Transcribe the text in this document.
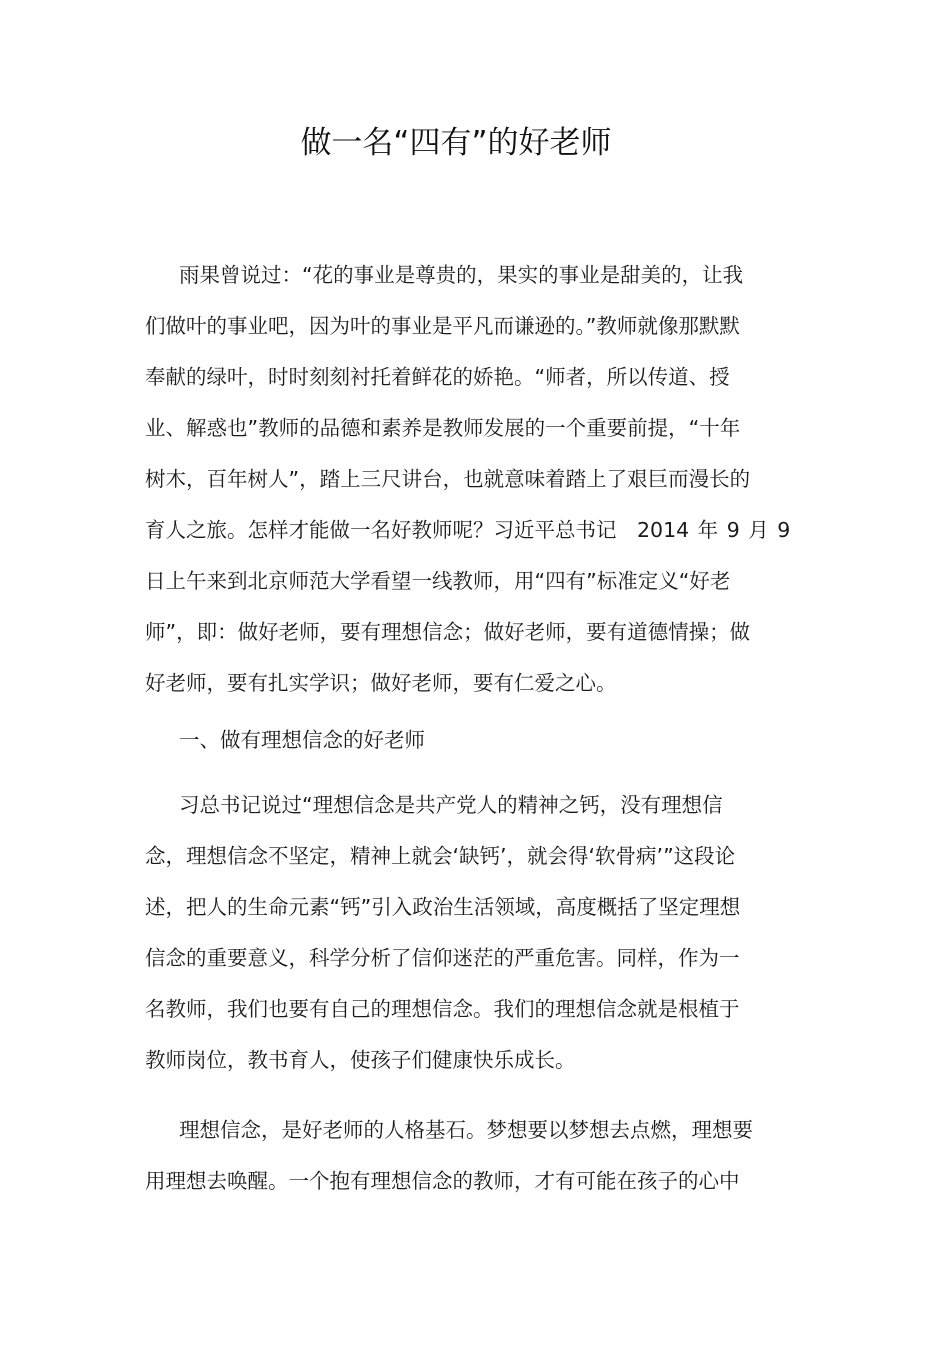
做一名“四有”的好老师
雨果曾说过：“花的事业是尊贵的，果实的事业是甜美的，让我
们做叶的事业吧，因为叶的事业是平凡而谦逊的。”教师就像那默默
奉献的绿叶，时时刻刻衬托着鲜花的娇艳。“师者，所以传道、授
业、解惑也”教师的品德和素养是教师发展的一个重要前提，“十年
树木，百年树人”，踏上三尺讲台，也就意味着踏上了艰巨而漫长的
育人之旅。怎样才能做一名好教师呢？习近平总书记　2014 年 9 月 9
日上午来到北京师范大学看望一线教师，用“四有”标准定义“好老
师”，即：做好老师，要有理想信念；做好老师，要有道德情操；做
好老师，要有扎实学识；做好老师，要有仁爱之心。
一、做有理想信念的好老师
习总书记说过“理想信念是共产党人的精神之钙，没有理想信
念，理想信念不坚定，精神上就会‘缺钙’，就会得‘软骨病’”这段论
述，把人的生命元素“钙”引入政治生活领域，高度概括了坚定理想
信念的重要意义，科学分析了信仰迷茫的严重危害。同样，作为一
名教师，我们也要有自己的理想信念。我们的理想信念就是根植于
教师岗位，教书育人，使孩子们健康快乐成长。
理想信念，是好老师的人格基石。梦想要以梦想去点燃，理想要
用理想去唤醒。一个抱有理想信念的教师，才有可能在孩子的心中
